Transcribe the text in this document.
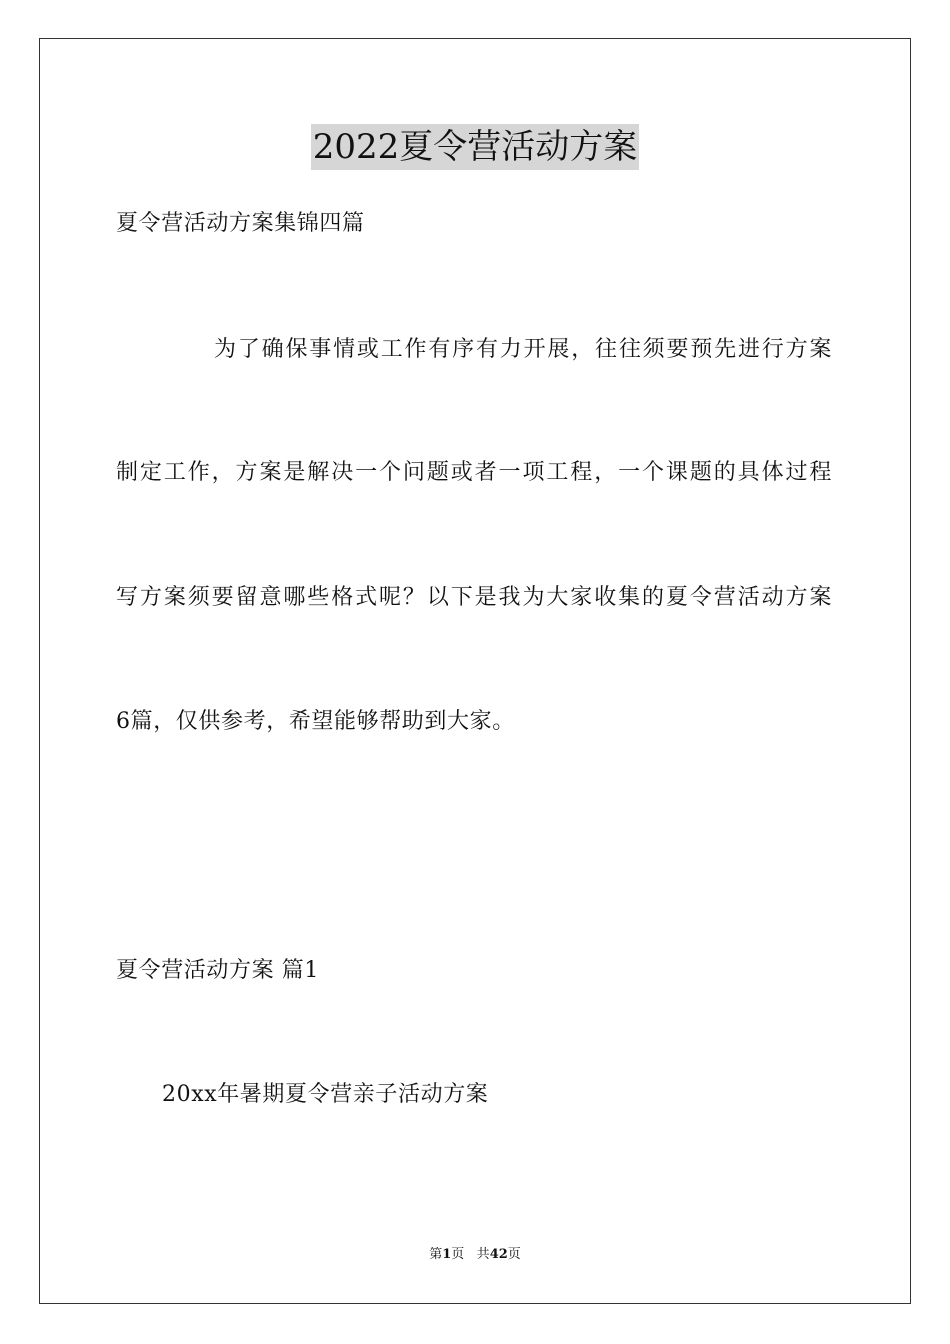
2022夏令营活动方案
夏令营活动方案集锦四篇
为了确保事情或工作有序有力开展，往往须要预先进行方案
制定工作，方案是解决一个问题或者一项工程，一个课题的具体过程
写方案须要留意哪些格式呢？以下是我为大家收集的夏令营活动方案
6篇，仅供参考，希望能够帮助到大家。
夏令营活动方案 篇1
20xx年暑期夏令营亲子活动方案
第1页 共42页
